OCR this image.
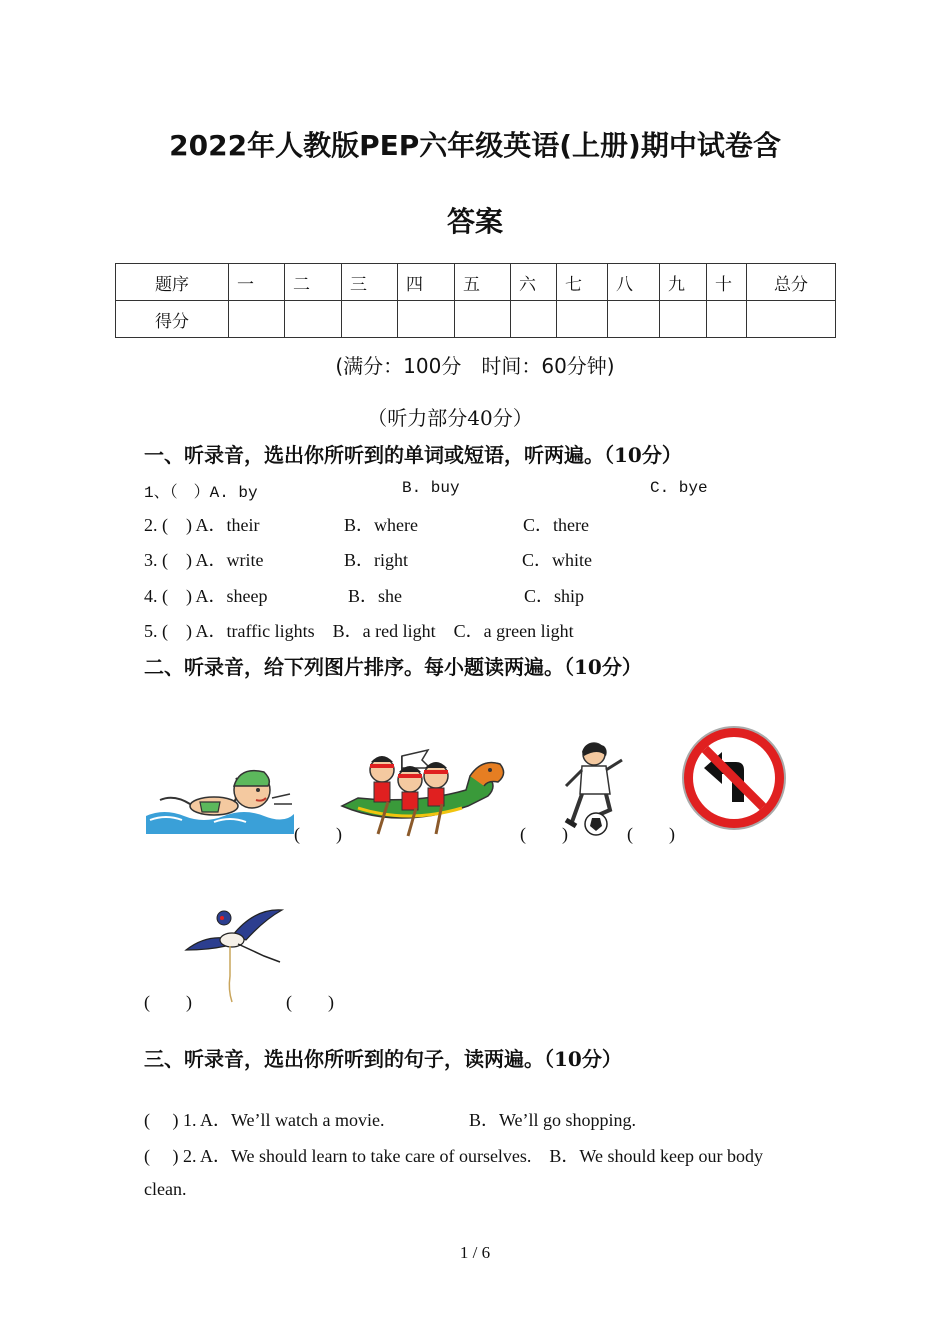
2022年人教版PEP六年级英语(上册)期中试卷含
答案
题序	一	二	三	四	五	六	七	八	九	十	总分
得分											
(满分：100分　时间：60分钟)
（听力部分40分）
一、听录音，选出你所听到的单词或短语，听两遍。（10分）
1、（　）A. by	B. buy	C. bye
2. (　) A．their	B．where	C．there
3. (　) A．write	B．right	C．white
4. (　) A．sheep	B．she	C．ship
5. (　) A．traffic lights　B．a red light　C．a green light
二、听录音，给下列图片排序。每小题读两遍。（10分）
(　　)	(　　)	(　　)
(　　)	(　　)
三、听录音，选出你所听到的句子，读两遍。（10分）
(　 ) 1. A．We’ll watch a movie.	B．We’ll go shopping.
(　 ) 2. A．We should learn to take care of ourselves.　B．We should keep our body
clean.
1 / 6
